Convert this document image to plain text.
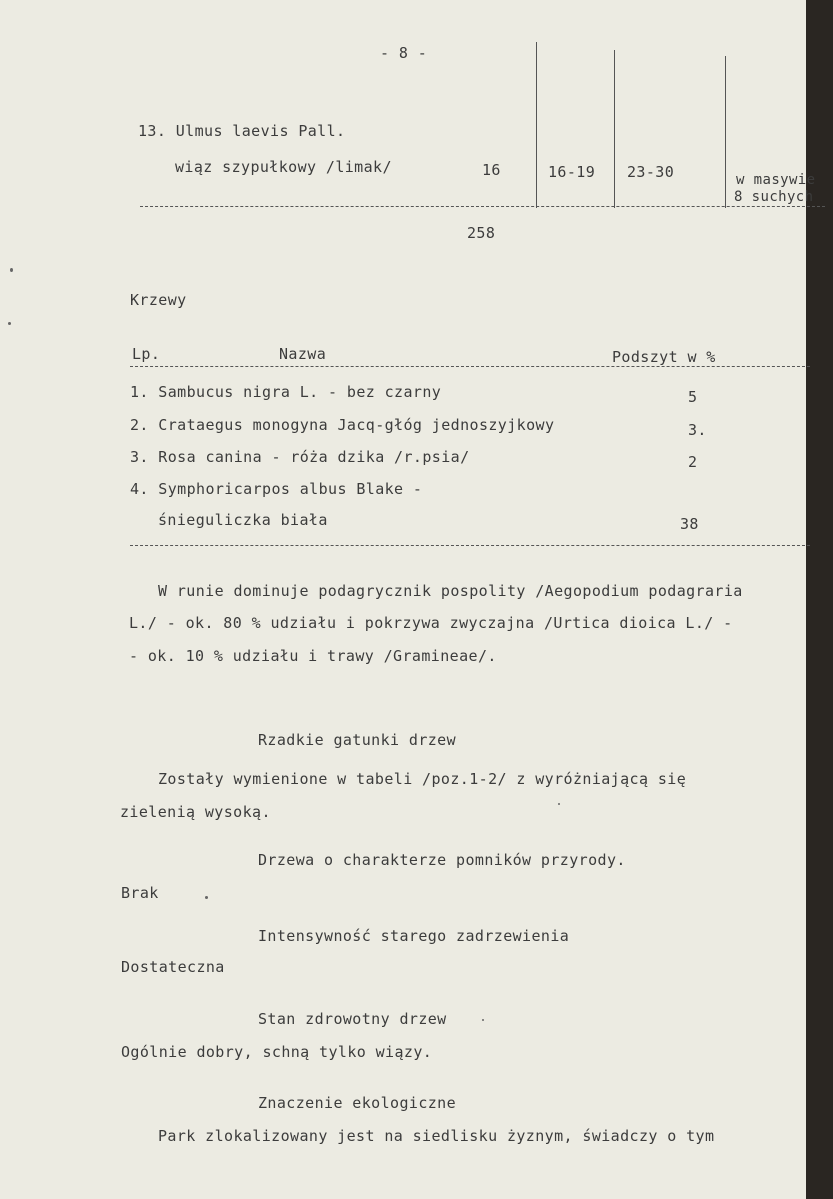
- 8 -
13. Ulmus laevis Pall.
wiąz szypułkowy /limak/	16	16-19 23-30	w masywie
8 suchych
258
Krzewy
Lp.	Nazwa	Podszyt w %
1. Sambucus nigra L. - bez czarny	5
2. Crataegus monogyna Jacq-głóg jednoszyjkowy	3.
3. Rosa canina - róża dzika /r.psia/	2
4. Symphoricarpos albus Blake -
śnieguliczka biała	38
W runie dominuje podagrycznik pospolity /Aegopodium podagraria
L./ - ok. 80 % udziału i pokrzywa zwyczajna /Urtica dioica L./ -
- ok. 10 % udziału i trawy /Gramineae/.
Rzadkie gatunki drzew
Zostały wymienione w tabeli /poz.1-2/ z wyróżniającą się
zielenią wysoką.
Drzewa o charakterze pomników przyrody.
Brak
Intensywność starego zadrzewienia
Dostateczna
Stan zdrowotny drzew
Ogólnie dobry, schną tylko wiązy.
Znaczenie ekologiczne
Park zlokalizowany jest na siedlisku żyznym, świadczy o tym
